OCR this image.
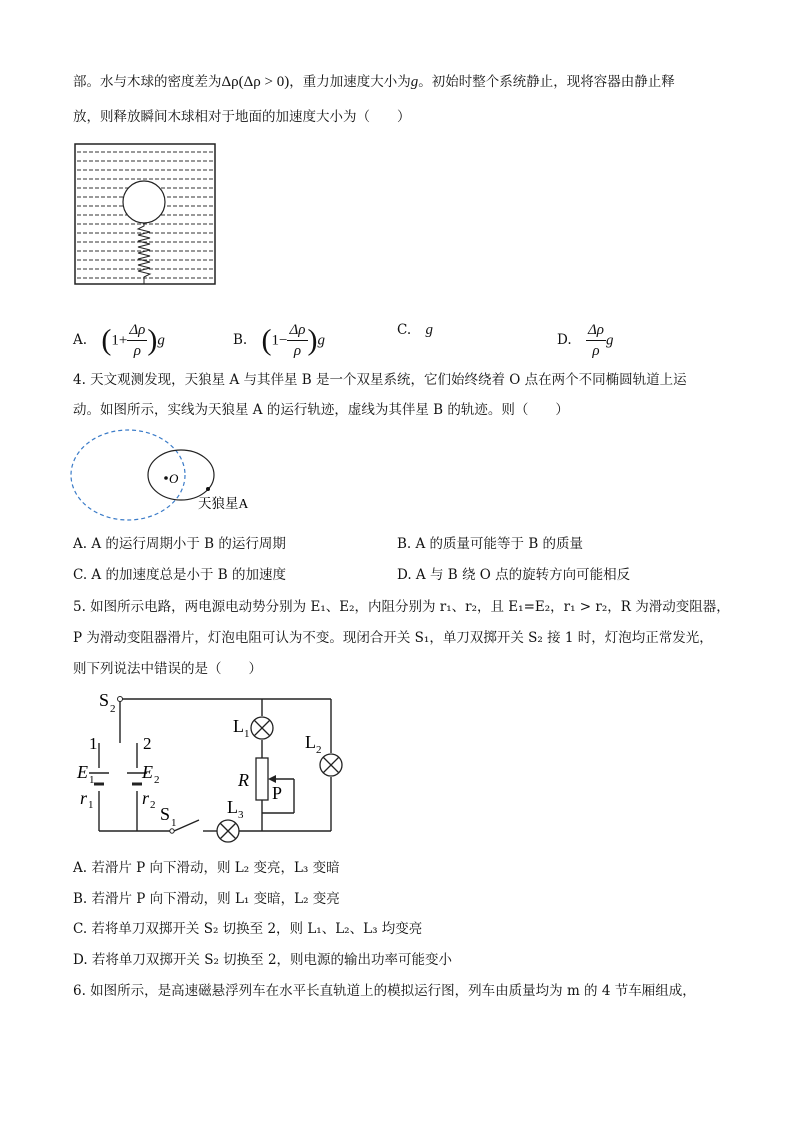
部。水与木球的密度差为Δρ(Δρ > 0)，重力加速度大小为g。初始时整个系统静止，现将容器由静止释
放，则释放瞬间木球相对于地面的加速度大小为（　　）
A. $(1+ \frac{\Delta\rho}{\rho} )g$	B. $(1- \frac{\Delta\rho}{\rho} )g$
C. g
D. $\frac{\Delta\rho}{\rho}$ g
4. 天文观测发现，天狼星 A 与其伴星 B 是一个双星系统，它们始终绕着 O 点在两个不同椭圆轨道上运
动。如图所示，实线为天狼星 A 的运行轨迹，虚线为其伴星 B 的轨迹。则（　　）
O
天狼星A
A. A 的运行周期小于 B 的运行周期	B. A 的质量可能等于 B 的质量
C. A 的加速度总是小于 B 的加速度	D. A 与 B 绕 O 点的旋转方向可能相反
5. 如图所示电路，两电源电动势分别为 E₁、E₂，内阻分别为 r₁、r₂，且 E₁=E₂，r₁ > r₂，R 为滑动变阻器，
P 为滑动变阻器滑片，灯泡电阻可认为不变。现闭合开关 S₁，单刀双掷开关 S₂ 接 1 时，灯泡均正常发光，
则下列说法中错误的是（　　）
S 2
1	2
E 1
r 1
E 2
r 2 S 1
L 1	L 2
L 3
R
P
A. 若滑片 P 向下滑动，则 L₂ 变亮，L₃ 变暗
B. 若滑片 P 向下滑动，则 L₁ 变暗，L₂ 变亮
C. 若将单刀双掷开关 S₂ 切换至 2，则 L₁、L₂、L₃ 均变亮
D. 若将单刀双掷开关 S₂ 切换至 2，则电源的输出功率可能变小
6. 如图所示，是高速磁悬浮列车在水平长直轨道上的模拟运行图，列车由质量均为 m 的 4 节车厢组成，
